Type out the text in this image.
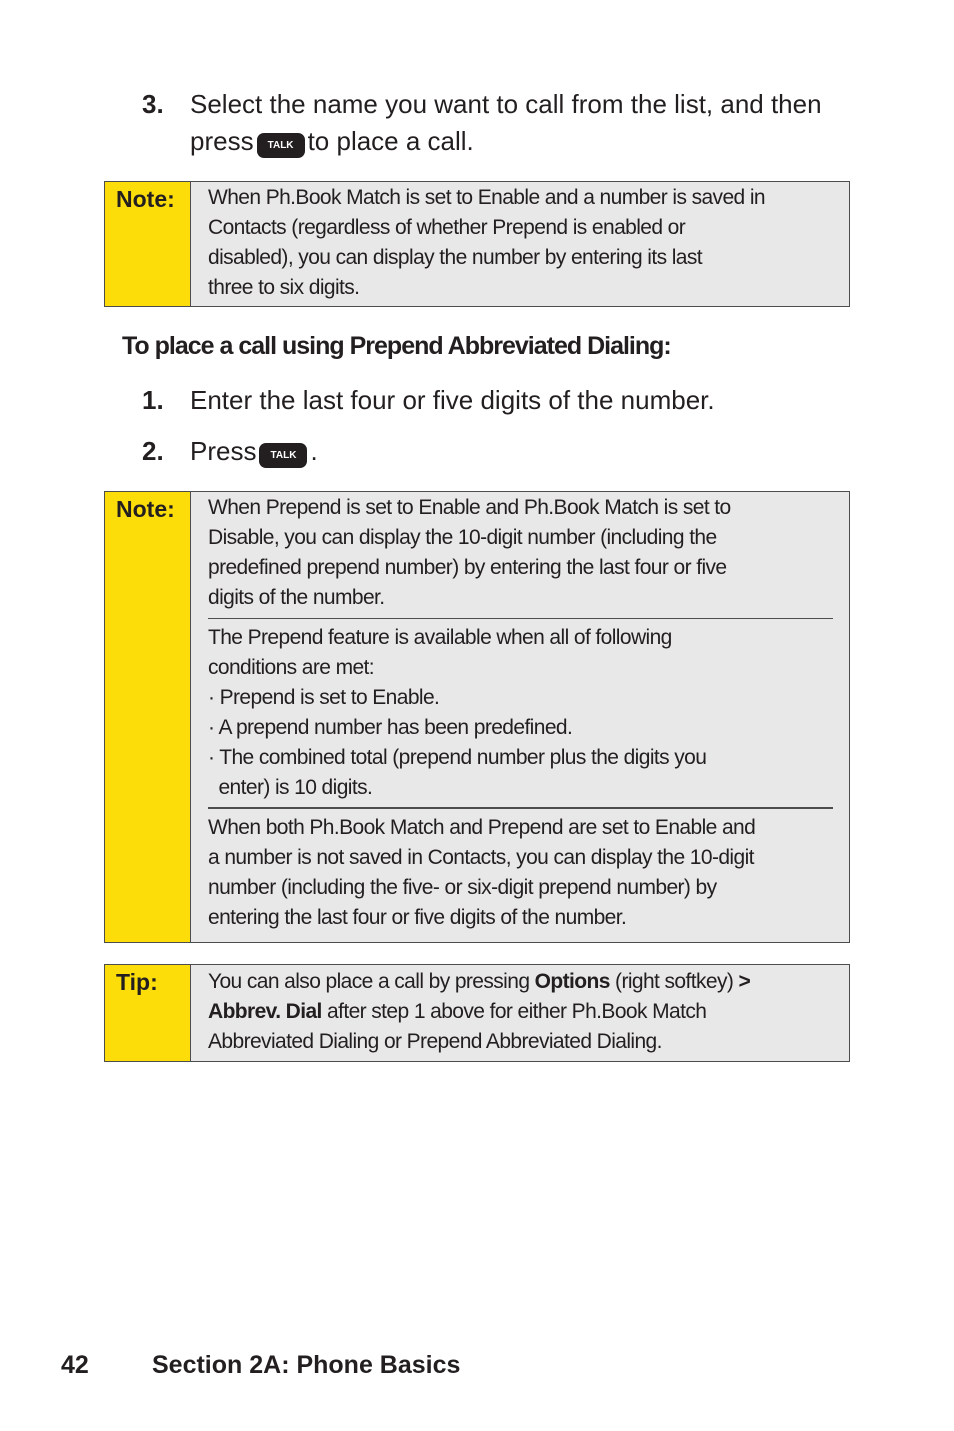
3. Select the name you want to call from the list, and then
press TALK to place a call.
Note: When Ph.Book Match is set to Enable and a number is saved in

Contacts (regardless of whether Prepend is enabled or

disabled), you can display the number by entering its last

three to six digits.

To place a call using Prepend Abbreviated Dialing:
1. Enter the last four or five digits of the number.
2. Press TALK .
Note: When Prepend is set to Enable and Ph.Book Match is set to

Disable, you can display the 10-digit number (including the

predefined prepend number) by entering the last four or five

digits of the number.

The Prepend feature is available when all of following

conditions are met:

· Prepend is set to Enable.

· A prepend number has been predefined.

· The combined total (prepend number plus the digits you

enter) is 10 digits.

When both Ph.Book Match and Prepend are set to Enable and

a number is not saved in Contacts, you can display the 10-digit

number (including the five- or six-digit prepend number) by

entering the last four or five digits of the number.

Tip: You can also place a call by pressing Options (right softkey) >

Abbrev. Dial after step 1 above for either Ph.Book Match

Abbreviated Dialing or Prepend Abbreviated Dialing.

42	Section 2A: Phone Basics
